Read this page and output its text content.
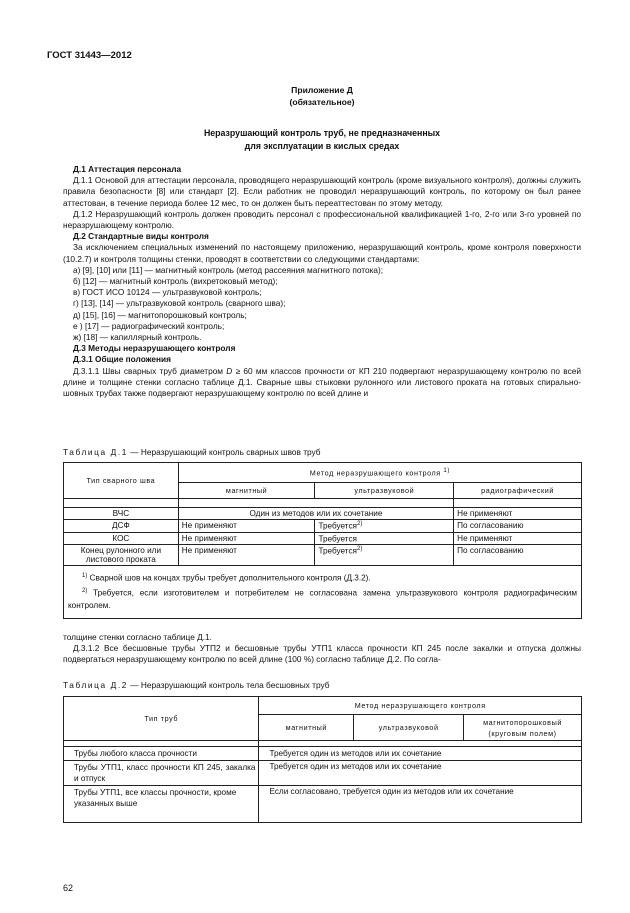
ГОСТ 31443—2012
Приложение Д
(обязательное)
Неразрушающий контроль труб, не предназначенных
для эксплуатации в кислых средах

Д.1 Аттестация персонала

Д.1.1 Основой для аттестации персонала, проводящего неразрушающий контроль (кроме визуального контроля), должны служить правила безопасности [8] или стандарт [2]. Если работник не проводил неразрушающий контроль, по которому он был ранее аттестован, в течение периода более 12 мес, то он должен быть переаттестован по этому методу.

Д.1.2 Неразрушающий контроль должен проводить персонал с профессиональной квалификацией 1-го, 2-го или 3-го уровней по неразрушающему контролю.

Д.2 Стандартные виды контроля

За исключением специальных изменений по настоящему приложению, неразрушающий контроль, кроме контроля поверхности (10.2.7) и контроля толщины стенки, проводят в соответствии со следующими стандартами:

а) [9], [10] или [11] — магнитный контроль (метод рассеяния магнитного потока);

б) [12] — магнитный контроль (вихретоковый метод);

в) ГОСТ ИСО 10124 — ультразвуковой контроль;

г) [13], [14] — ультразвуковой контроль (сварного шва);

д) [15], [16] — магнитопорошковый контроль;

е ) [17] — радиографический контроль;

ж) [18] — капиллярный контроль.

Д.3 Методы неразрушающего контроля

Д.3.1 Общие положения

Д.3.1.1 Швы сварных труб диаметром D ≥ 60 мм классов прочности от КП 210 подвергают неразрушающему контролю по всей длине и толщине стенки согласно таблице Д.1. Сварные швы стыковки рулонного или листового проката на готовых спирально-шовных трубах также подвергают неразрушающему контролю по всей длине и

Таблица Д.1 — Неразрушающий контроль сварных швов труб
Тип сварного шва	Метод неразрушающего контроля $^{1)}$
	магнитный	ультразвуковой	радиографический

ВЧС	Один из методов или их сочетание		Не применяют
ДСФ	Не применяют	Требуется$^{2)}$	По согласованию
КОС	Не применяют	Требуется	Не применяют
Конец рулонного или листового проката	Не применяют	Требуется$^{2)}$	По согласованию

$^{1)}$ Сварной шов на концах трубы требует дополнительного контроля (Д.3.2).
$^{2)}$ Требуется, если изготовителем и потребителем не согласована замена ультразвукового контроля радиографическим контролем.			

толщине стенки согласно таблице Д.1.

Д.3.1.2 Все бесшовные трубы УТП2 и бесшовные трубы УТП1 класса прочности КП 245 после закалки и отпуска должны подвергаться неразрушающему контролю по всей длине (100 %) согласно таблице Д.2. По согла-

Таблица Д.2 — Неразрушающий контроль тела бесшовных труб
Тип труб	Метод неразрушающего контроля		
	магнитный	ультразвуковой	магнитопорошковый (круговым полем)

Трубы любого класса прочности	Требуется один из методов или их сочетание		
Трубы УТП1, класс прочности КП 245, закалка и отпуск	Требуется один из методов или их сочетание		
Трубы УТП1, все классы прочности, кроме указанных выше	Если согласовано, требуется один из методов или их сочетание		
62
